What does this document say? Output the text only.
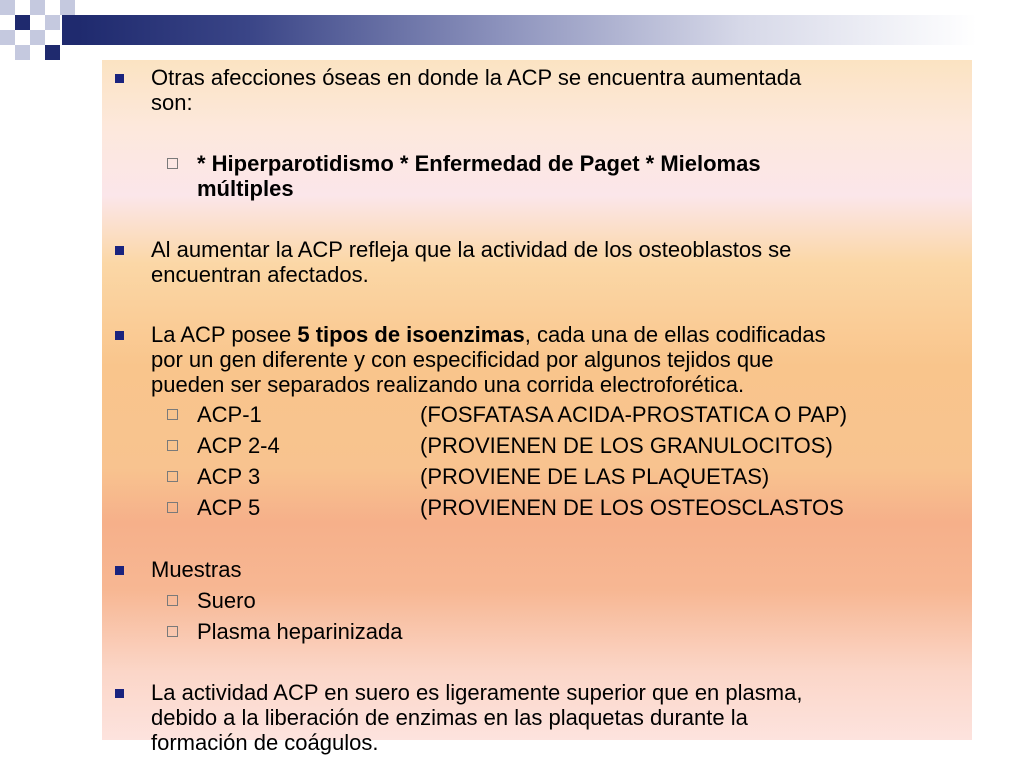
Otras afecciones óseas en donde la ACP se encuentra aumentada
son:
* Hiperparotidismo * Enfermedad de Paget * Mielomas
múltiples
Al aumentar la ACP refleja que la actividad de los osteoblastos se
encuentran afectados.
La ACP posee 5 tipos de isoenzimas, cada una de ellas codificadas
por un gen diferente y con especificidad por algunos tejidos que
pueden ser separados realizando una corrida electroforética.
ACP-1	(FOSFATASA ACIDA-PROSTATICA O PAP)
ACP 2-4	(PROVIENEN DE LOS GRANULOCITOS)
ACP 3	(PROVIENE DE LAS PLAQUETAS)
ACP 5	(PROVIENEN DE LOS OSTEOSCLASTOS
Muestras
Suero
Plasma heparinizada
La actividad ACP en suero es ligeramente superior que en plasma,
debido a la liberación de enzimas en las plaquetas durante la
formación de coágulos.
